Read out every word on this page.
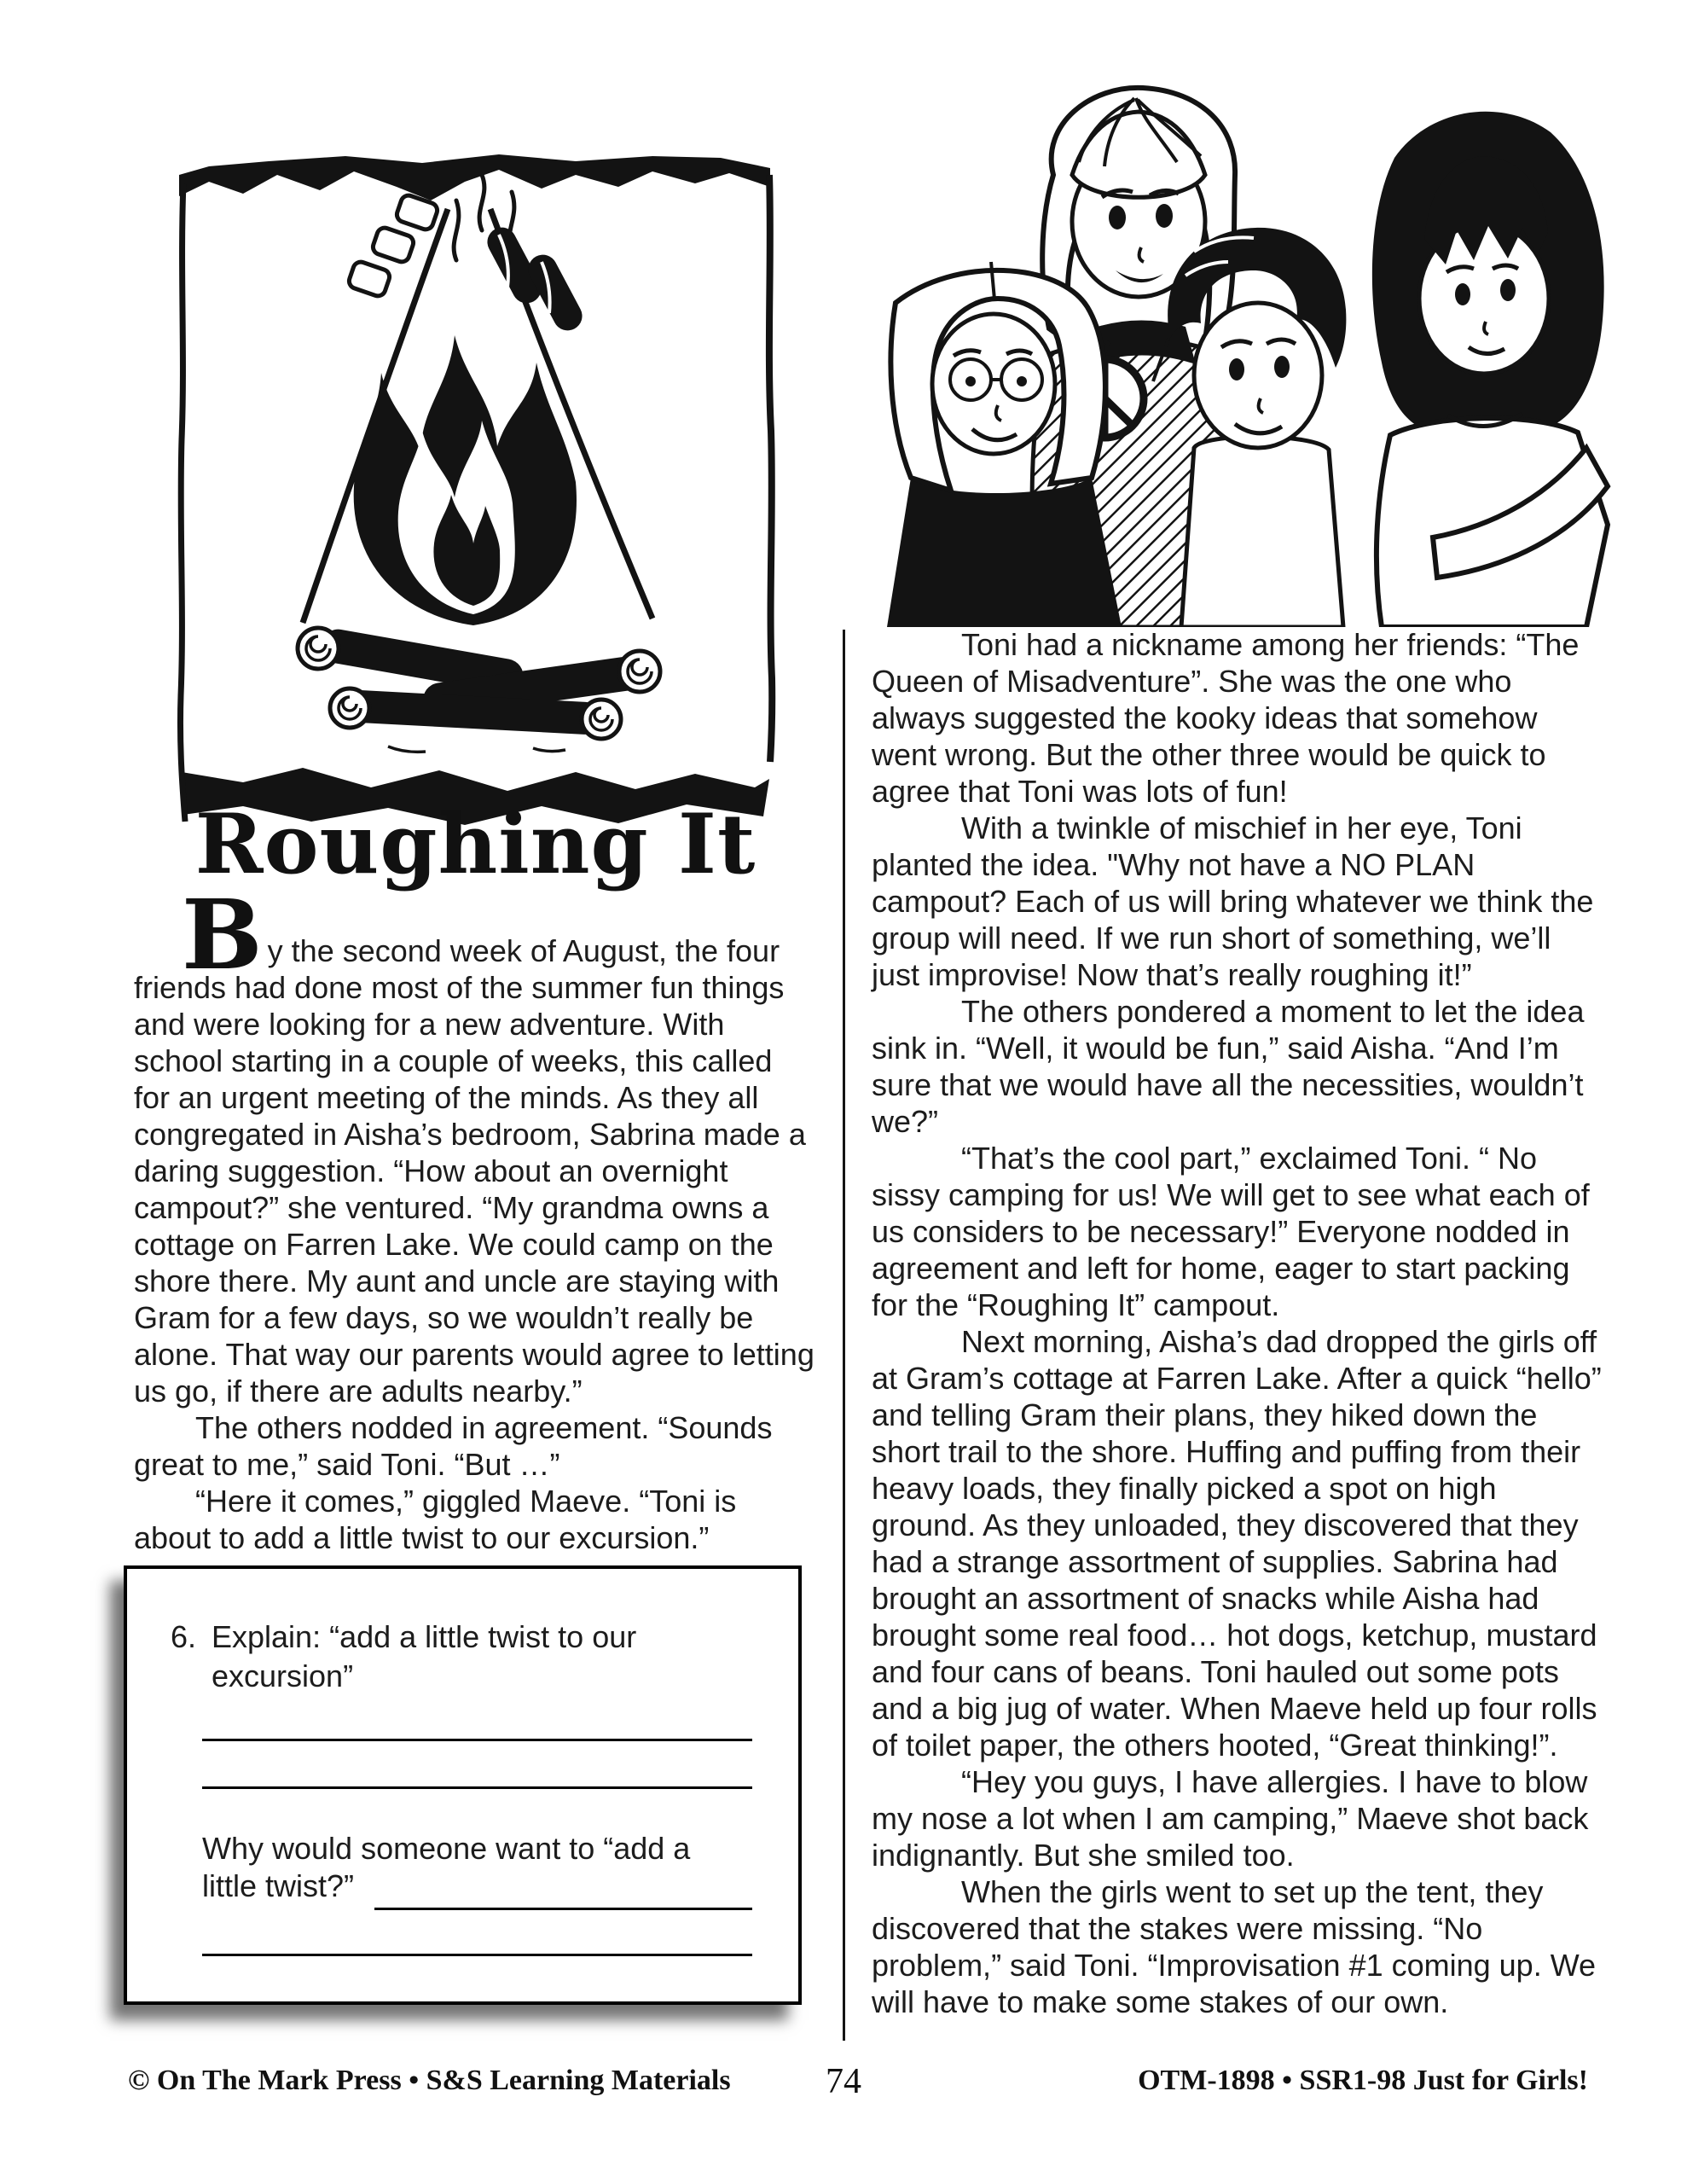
Roughing It

By the second week of August, the four friends had done most of the summer fun things and were looking for a new adventure. With school starting in a couple of weeks, this called for an urgent meeting of the minds. As they all congregated in Aisha’s bedroom, Sabrina made a daring suggestion. “How about an overnight campout?” she ventured. “My grandma owns a cottage on Farren Lake. We could camp on the shore there. My aunt and uncle are staying with Gram for a few days, so we wouldn’t really be alone. That way our parents would agree to letting us go, if there are adults nearby.”

The others nodded in agreement. “Sounds great to me,” said Toni. “But …”

“Here it comes,” giggled Maeve. “Toni is about to add a little twist to our excursion.”

6. Explain: “add a little twist to our
excursion”
Why would someone want to “add a
little twist?”

Toni had a nickname among her friends: “The Queen of Misadventure”. She was the one who always suggested the kooky ideas that somehow went wrong. But the other three would be quick to agree that Toni was lots of fun!

With a twinkle of mischief in her eye, Toni planted the idea. "Why not have a NO PLAN campout? Each of us will bring whatever we think the group will need. If we run short of something, we’ll just improvise! Now that’s really roughing it!”

The others pondered a moment to let the idea sink in. “Well, it would be fun,” said Aisha. “And I’m sure that we would have all the necessities, wouldn’t we?”

“That’s the cool part,” exclaimed Toni. “ No sissy camping for us! We will get to see what each of us considers to be necessary!” Everyone nodded in agreement and left for home, eager to start packing for the “Roughing It” campout.

Next morning, Aisha’s dad dropped the girls off at Gram’s cottage at Farren Lake. After a quick “hello” and telling Gram their plans, they hiked down the short trail to the shore. Huffing and puffing from their heavy loads, they finally picked a spot on high ground. As they unloaded, they discovered that they had a strange assortment of supplies. Sabrina had brought an assortment of snacks while Aisha had brought some real food… hot dogs, ketchup, mustard and four cans of beans. Toni hauled out some pots and a big jug of water. When Maeve held up four rolls of toilet paper, the others hooted, “Great thinking!”.

“Hey you guys, I have allergies. I have to blow my nose a lot when I am camping,” Maeve shot back indignantly. But she smiled too.

When the girls went to set up the tent, they discovered that the stakes were missing. “No problem,” said Toni. “Improvisation #1 coming up. We will have to make some stakes of our own.

© On The Mark Press • S&S Learning Materials	74	OTM-1898 • SSR1-98 Just for Girls!
